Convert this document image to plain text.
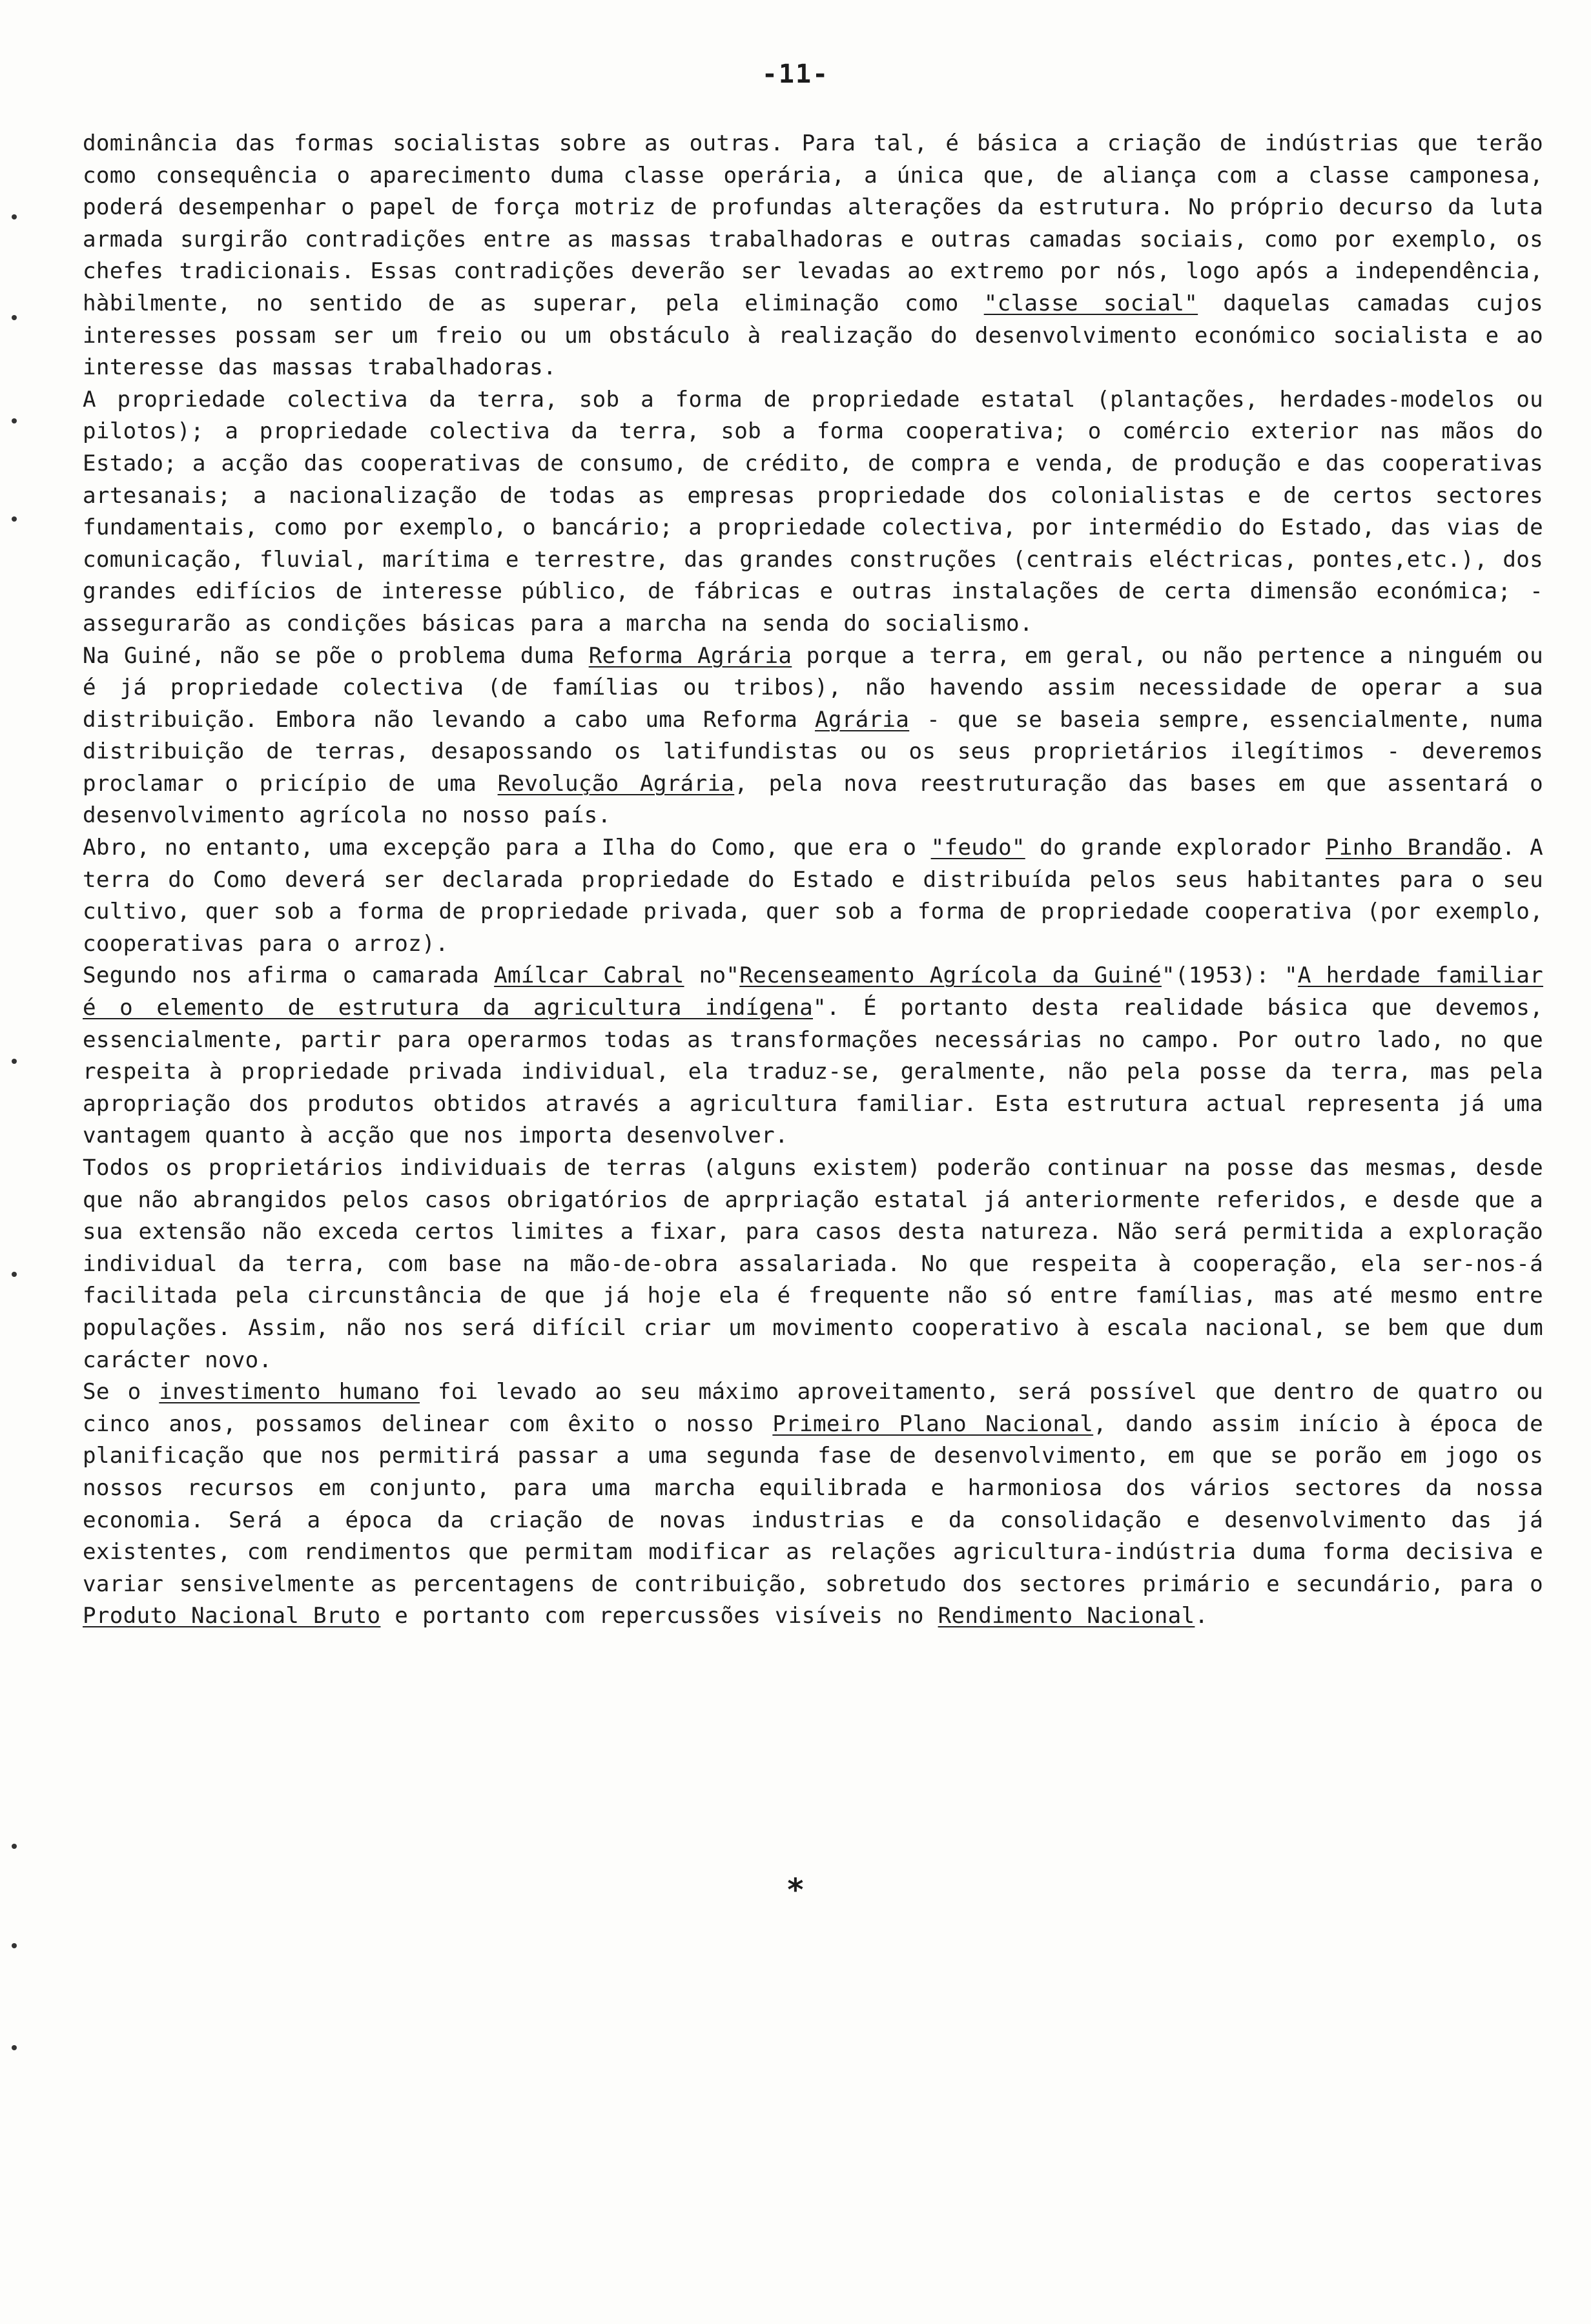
-11-

dominância das formas socialistas sobre as outras. Para tal, é básica a criação de indústrias que terão como consequência o aparecimento duma classe operária, a única que, de aliança com a classe camponesa, poderá desempenhar o papel de força motriz de profundas alterações da estrutura. No próprio decurso da luta armada surgirão contradições entre as massas trabalhadoras e outras camadas sociais, como por exemplo, os chefes tradicionais. Essas contradições deverão ser levadas ao extremo por nós, logo após a independência, hàbilmente, no sentido de as superar, pela eliminação como "classe social" daquelas camadas cujos interesses possam ser um freio ou um obstáculo à realização do desenvolvimento económico socialista e ao interesse das massas trabalhadoras.

A propriedade colectiva da terra, sob a forma de propriedade estatal (plantações, herdades-modelos ou pilotos); a propriedade colectiva da terra, sob a forma cooperativa; o comércio exterior nas mãos do Estado; a acção das cooperativas de consumo, de crédito, de compra e venda, de produção e das cooperativas artesanais; a nacionalização de todas as empresas propriedade dos colonialistas e de certos sectores fundamentais, como por exemplo, o bancário; a propriedade colectiva, por intermédio do Estado, das vias de comunicação, fluvial, marítima e terrestre, das grandes construções (centrais eléctricas, pontes,etc.), dos grandes edifícios de interesse público, de fábricas e outras instalações de certa dimensão económica; - assegurarão as condições básicas para a marcha na senda do socialismo.

Na Guiné, não se põe o problema duma Reforma Agrária porque a terra, em geral, ou não pertence a ninguém ou é já propriedade colectiva (de famílias ou tribos), não havendo assim necessidade de operar a sua distribuição. Embora não levando a cabo uma Reforma Agrária - que se baseia sempre, essencialmente, numa distribuição de terras, desapossando os latifundistas ou os seus proprietários ilegítimos - deveremos proclamar o pricípio de uma Revolução Agrária, pela nova reestruturação das bases em que assentará o desenvolvimento agrícola no nosso país.

Abro, no entanto, uma excepção para a Ilha do Como, que era o "feudo" do grande explorador Pinho Brandão. A terra do Como deverá ser declarada propriedade do Estado e distribuída pelos seus habitantes para o seu cultivo, quer sob a forma de propriedade privada, quer sob a forma de propriedade cooperativa (por exemplo, cooperativas para o arroz).

Segundo nos afirma o camarada Amílcar Cabral no"Recenseamento Agrícola da Guiné"(1953): "A herdade familiar é o elemento de estrutura da agricultura indígena". É portanto desta realidade básica que devemos, essencialmente, partir para operarmos todas as transformações necessárias no campo. Por outro lado, no que respeita à propriedade privada individual, ela traduz-se, geralmente, não pela posse da terra, mas pela apropriação dos produtos obtidos através a agricultura familiar. Esta estrutura actual representa já uma vantagem quanto à acção que nos importa desenvolver.

Todos os proprietários individuais de terras (alguns existem) poderão continuar na posse das mesmas, desde que não abrangidos pelos casos obrigatórios de aprpriação estatal já anteriormente referidos, e desde que a sua extensão não exceda certos limites a fixar, para casos desta natureza. Não será permitida a exploração individual da terra, com base na mão-de-obra assalariada. No que respeita à cooperação, ela ser-nos-á facilitada pela circunstância de que já hoje ela é frequente não só entre famílias, mas até mesmo entre populações. Assim, não nos será difícil criar um movimento cooperativo à escala nacional, se bem que dum carácter novo.

Se o investimento humano foi levado ao seu máximo aproveitamento, será possível que dentro de quatro ou cinco anos, possamos delinear com êxito o nosso Primeiro Plano Nacional, dando assim início à época de planificação que nos permitirá passar a uma segunda fase de desenvolvimento, em que se porão em jogo os nossos recursos em conjunto, para uma marcha equilibrada e harmoniosa dos vários sectores da nossa economia. Será a época da criação de novas industrias e da consolidação e desenvolvimento das já existentes, com rendimentos que permitam modificar as relações agricultura-indústria duma forma decisiva e variar sensivelmente as percentagens de contribuição, sobretudo dos sectores primário e secundário, para o Produto Nacional Bruto e portanto com repercussões visíveis no Rendimento Nacional.

*
